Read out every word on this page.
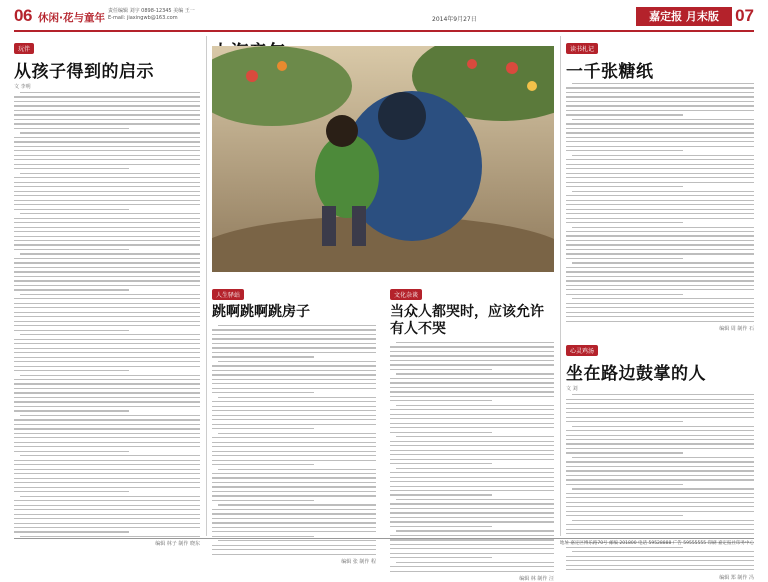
06 休闲·花与童年
责任编辑 刘宇 0898-12345 美编 王一
E-mail: jiaxingwb@163.com	2014年9月27日	嘉定报 月末版 07
玩伴
从孩子得到的启示
文 李明
编辑 林子 制作 晓东
人生驿站
跳啊跳啊跳房子
编辑 张 制作 程
文化杂谈
当众人都哭时，应该允许有人不哭
编辑 林 制作 汪
读书札记
一千张糖纸
编辑 周 制作 石
心灵鸡汤
坐在路边鼓掌的人
文 刘
编辑 郑 制作 冯
地址 嘉定区博乐路70号 邮编 201800 电话 59528888 广告 59555555 印刷 嘉定报社印务中心
